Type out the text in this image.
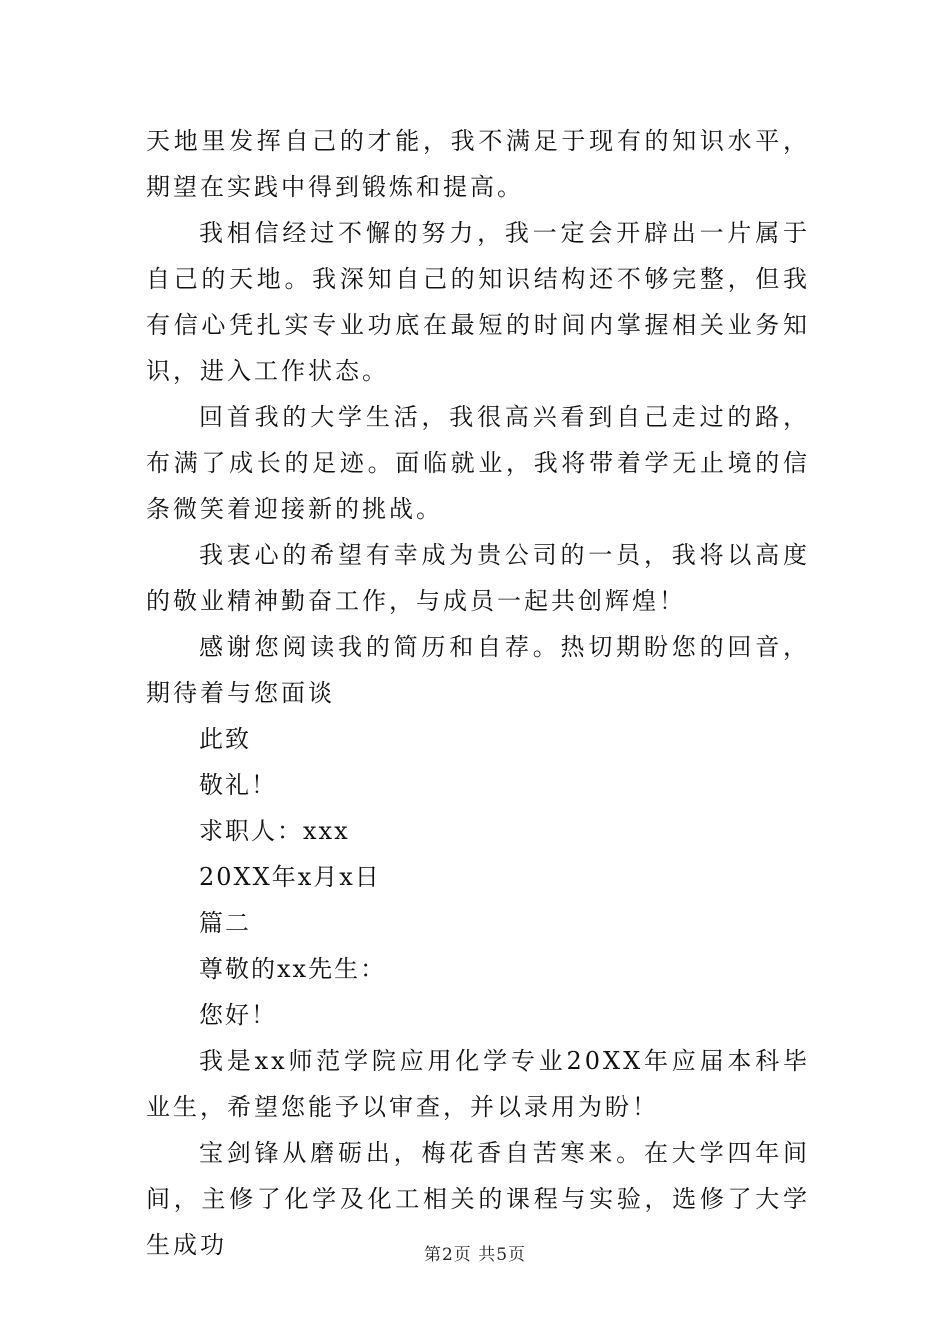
天地里发挥自己的才能，我不满足于现有的知识水平，期望在实践中得到锻炼和提高。

我相信经过不懈的努力，我一定会开辟出一片属于自己的天地。我深知自己的知识结构还不够完整，但我有信心凭扎实专业功底在最短的时间内掌握相关业务知识，进入工作状态。

回首我的大学生活，我很高兴看到自己走过的路，布满了成长的足迹。面临就业，我将带着学无止境的信条微笑着迎接新的挑战。

我衷心的希望有幸成为贵公司的一员，我将以高度的敬业精神勤奋工作，与成员一起共创辉煌！

感谢您阅读我的简历和自荐。热切期盼您的回音，期待着与您面谈

此致

敬礼！

求职人：xxx

20XX年x月x日

篇二

尊敬的xx先生：

您好！

我是xx师范学院应用化学专业20XX年应届本科毕业生，希望您能予以审查，并以录用为盼！

宝剑锋从磨砺出，梅花香自苦寒来。在大学四年间间，主修了化学及化工相关的课程与实验，选修了大学生成功	第2页 共5页
